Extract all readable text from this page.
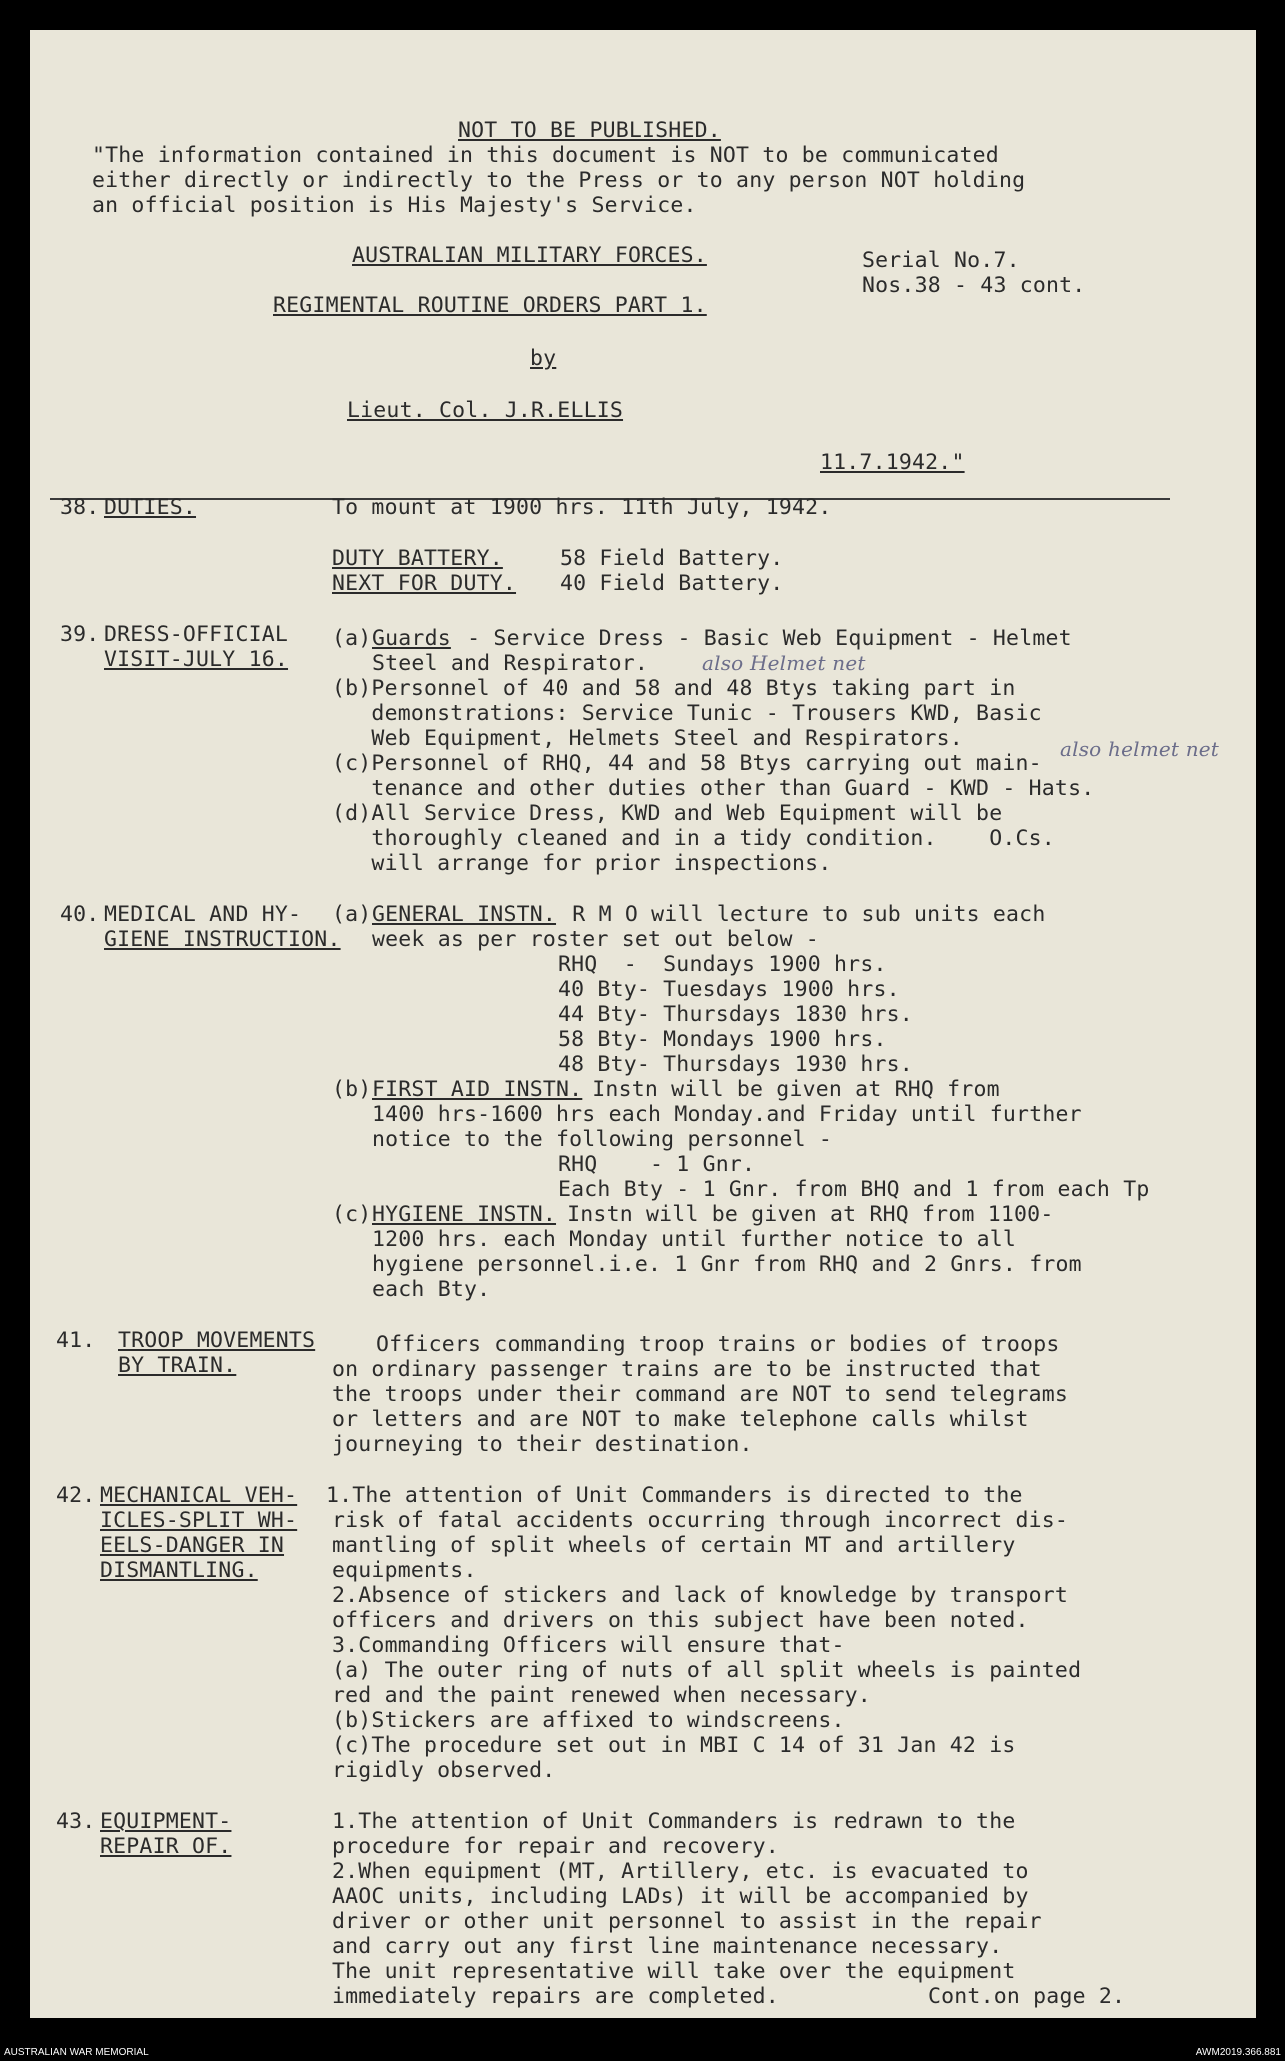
NOT TO BE PUBLISHED.
"The information contained in this document is NOT to be communicated
either directly or indirectly to the Press or to any person NOT holding
an official position is His Majesty's Service.
AUSTRALIAN MILITARY FORCES.	Serial No.7.
Nos.38 - 43 cont.
REGIMENTAL ROUTINE ORDERS PART 1.
by
Lieut. Col. J.R.ELLIS
11.7.1942."
38. DUTIES.	To mount at 1900 hrs. 11th July, 1942.
DUTY BATTERY.	58 Field Battery.
NEXT FOR DUTY. 40 Field Battery.
39. DRESS-OFFICIAL
VISIT-JULY 16.
(a) Guards - Service Dress - Basic Web Equipment - Helmet
Steel and Respirator.	also Helmet net
(b)Personnel of 40 and 58 and 48 Btys taking part in
demonstrations: Service Tunic - Trousers KWD, Basic
Web Equipment, Helmets Steel and Respirators.	also helmet net
(c)Personnel of RHQ, 44 and 58 Btys carrying out main-
tenance and other duties other than Guard - KWD - Hats.
(d)All Service Dress, KWD and Web Equipment will be
thoroughly cleaned and in a tidy condition.    O.Cs.
will arrange for prior inspections.
40. MEDICAL AND HY-
GIENE INSTRUCTION.
(a) GENERAL INSTN.
R M O will lecture to sub units each
week as per roster set out below -
RHQ  -  Sundays 1900 hrs.
40 Bty- Tuesdays 1900 hrs.
44 Bty- Thursdays 1830 hrs.
58 Bty- Mondays 1900 hrs.
48 Bty- Thursdays 1930 hrs.
(b) FIRST AID INSTN.
Instn will be given at RHQ from
1400 hrs-1600 hrs each Monday.and Friday until further
notice to the following personnel -
RHQ    - 1 Gnr.
Each Bty - 1 Gnr. from BHQ and 1 from each Tp
(c) HYGIENE INSTN.
Instn will be given at RHQ from 1100-
1200 hrs. each Monday until further notice to all
hygiene personnel.i.e. 1 Gnr from RHQ and 2 Gnrs. from
each Bty.
41. TROOP MOVEMENTS
BY TRAIN.
Officers commanding troop trains or bodies of troops
on ordinary passenger trains are to be instructed that
the troops under their command are NOT to send telegrams
or letters and are NOT to make telephone calls whilst
journeying to their destination.
42. MECHANICAL VEH-
ICLES-SPLIT WH-
EELS-DANGER IN
DISMANTLING.
1.The attention of Unit Commanders is directed to the
risk of fatal accidents occurring through incorrect dis-
mantling of split wheels of certain MT and artillery
equipments.
2.Absence of stickers and lack of knowledge by transport
officers and drivers on this subject have been noted.
3.Commanding Officers will ensure that-
(a) The outer ring of nuts of all split wheels is painted
red and the paint renewed when necessary.
(b)Stickers are affixed to windscreens.
(c)The procedure set out in MBI C 14 of 31 Jan 42 is
rigidly observed.
43. EQUIPMENT-
REPAIR OF.
1.The attention of Unit Commanders is redrawn to the
procedure for repair and recovery.
2.When equipment (MT, Artillery, etc. is evacuated to
AAOC units, including LADs) it will be accompanied by
driver or other unit personnel to assist in the repair
and carry out any first line maintenance necessary.
The unit representative will take over the equipment
immediately repairs are completed.	Cont.on page 2.
AUSTRALIAN WAR MEMORIAL	AWM2019.366.881
